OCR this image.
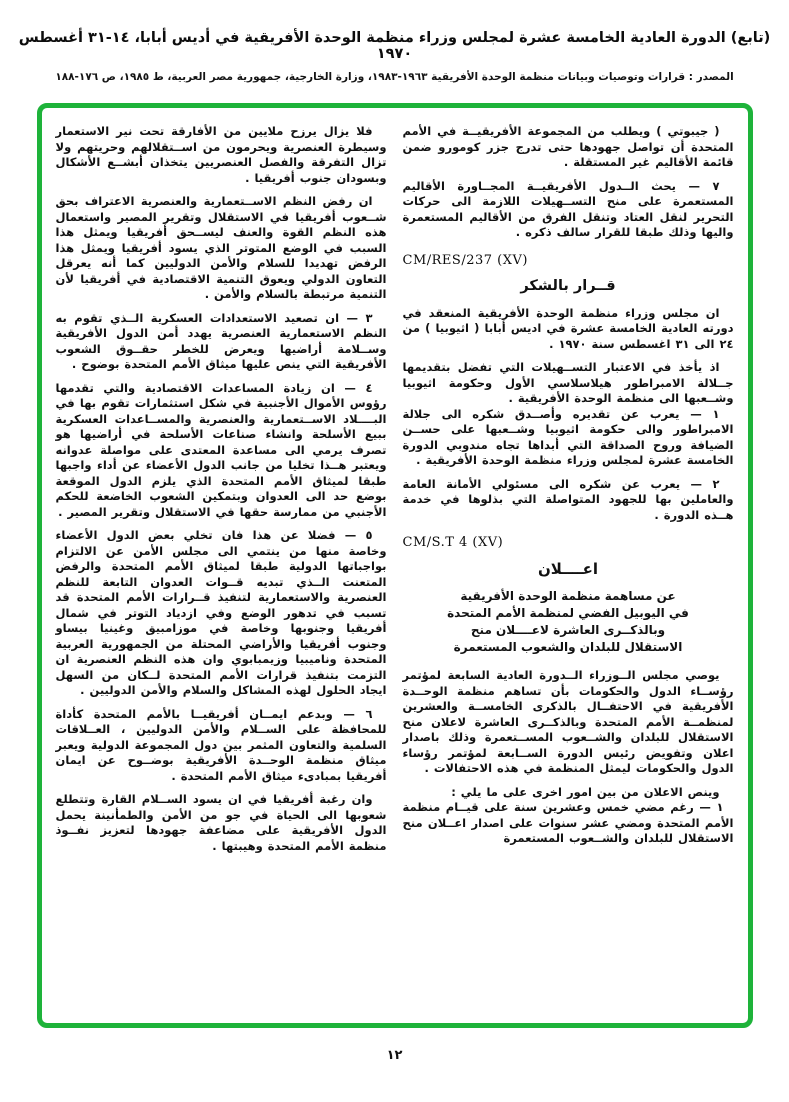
(تابع) الدورة العادية الخامسة عشرة لمجلس وزراء منظمة الوحدة الأفريقية في أديس أبابا، ١٤-٣١ أغسطس ١٩٧٠
المصدر : قرارات وتوصيات وبيانات منظمة الوحدة الأفريقية ١٩٦٣-١٩٨٣، وزارة الخارجية، جمهورية مصر العربية، ط ١٩٨٥، ص ١٧٦-١٨٨
( جيبوتي ) ويطلب من المجموعة الأفريقيــة في الأمم المتحدة أن تواصل جهودها حتى تدرج جزر كومورو ضمن قائمة الأقاليم غير المستقلة .
٧ — يحث الــدول الأفريقيــة المجــاورة الأقاليم المستعمرة على منح التســهيلات اللازمة الى حركات التحرير لنقل العتاد وتنقل الفرق من الأقاليم المستعمرة واليها وذلك طبقا للقرار سالف ذكره .
CM/RES/237 (XV)
قــرار بالشكر
ان مجلس وزراء منظمة الوحدة الأفريقية المنعقد في دورته العادية الخامسة عشرة في اديس أبابا ( اثيوبيا ) من ٢٤ الى ٣١ اغسطس سنة ١٩٧٠ .
اذ يأخذ في الاعتبار التســهيلات التي تفضل بتقديمها جــلالة الامبراطور هيلاسلاسي الأول وحكومة اثيوبيا وشــعبها الى منظمة الوحدة الأفريقية .
١ — يعرب عن تقديره وأصــدق شكره الى جلالة الامبراطور والى حكومة اثيوبيا وشــعبها على حســن الضيافة وروح الصداقة التي أبداها تجاه مندوبي الدورة الخامسة عشرة لمجلس وزراء منظمة الوحدة الأفريقية .
٢ — يعرب عن شكره الى مسئولي الأمانة العامة والعاملين بها للجهود المتواصلة التي بذلوها في خدمة هــذه الدورة .
CM/S.T 4 (XV)
اعــــلان
عن مساهمة منظمة الوحدة الأفريقية
في اليوبيل الفضي لمنظمة الأمم المتحدة
وبالذكــرى العاشرة لاعــــلان منح
الاستقلال للبلدان والشعوب المستعمرة
يوصي مجلس الــوزراء الــدورة العادية السابعة لمؤتمر رؤســاء الدول والحكومات بأن تساهم منظمة الوحــدة الأفريقية في الاحتفــال بالذكرى الخامســة والعشرين لمنظمــة الأمم المتحدة وبالذكــرى العاشرة لاعلان منح الاستقلال للبلدان والشــعوب المســتعمرة وذلك باصدار اعلان وتفويض رئيس الدورة الســابعة لمؤتمر رؤساء الدول والحكومات ليمثل المنظمة في هذه الاحتفالات .
وينص الاعلان من بين امور اخرى على ما يلي :
١ — رغم مضي خمس وعشرين سنة على قيــام منظمة الأمم المتحدة ومضي عشر سنوات على اصدار اعــلان منح الاستقلال للبلدان والشــعوب المستعمرة
فلا يزال يرزح ملايين من الأفارقة تحت نير الاستعمار وسيطرة العنصرية ويحرمون من اســتقلالهم وحريتهم ولا تزال التفرقة والفصل العنصريين يتخذان أبشــع الأشكال وبسودان جنوب أفريقيا .
ان رفض النظم الاســتعمارية والعنصرية الاعتراف بحق شــعوب أفريقيا في الاستقلال وتقرير المصير واستعمال هذه النظم القوة والعنف ليســحق أفريقيا ويمثل هذا السبب في الوضع المتوتر الذي يسود أفريقيا ويمثل هذا الرفض تهديدا للسلام والأمن الدوليين كما أنه يعرقل التعاون الدولي ويعوق التنمية الاقتصادية في أفريقيا لأن التنمية مرتبطة بالسلام والأمن .
٣ — ان تصعيد الاستعدادات العسكرية الــذي تقوم به النظم الاستعمارية العنصرية يهدد أمن الدول الأفريقية وســلامة أراضيها ويعرض للخطر حقــوق الشعوب الأفريقية التي ينص عليها ميثاق الأمم المتحدة بوضوح .
٤ — ان زيادة المساعدات الاقتصادية والتي تقدمها رؤوس الأموال الأجنبية في شكل استثمارات تقوم بها في البــــلاد الاســتعمارية والعنصرية والمســاعدات العسكرية ببيع الأسلحة وانشاء صناعات الأسلحة في أراضيها هو تصرف يرمي الى مساعدة المعتدى على مواصلة عدوانه ويعتبر هــذا تخليا من جانب الدول الأعضاء عن أداء واجبها طبقا لميثاق الأمم المتحدة الذي يلزم الدول الموقعة بوضع حد الى العدوان وبتمكين الشعوب الخاضعة للحكم الأجنبي من ممارسة حقها في الاستقلال وتقرير المصير .
٥ — فضلا عن هذا فان تخلي بعض الدول الأعضاء وخاصة منها من ينتمي الى مجلس الأمن عن الالتزام بواجباتها الدولية طبقا لميثاق الأمم المتحدة والرفض المتعنت الــذي تبديه قــوات العدوان التابعة للنظم العنصرية والاستعمارية لتنفيذ قــرارات الأمم المتحدة قد تسبب في تدهور الوضع وفي ازدياد التوتر في شمال أفريقيا وجنوبها وخاصة في موزامبيق وغينيا بيساو وجنوب أفريقيا والأراضي المحتلة من الجمهورية العربية المتحدة وناميبيا وزيمبابوي وان هذه النظم العنصرية ان التزمت بتنفيذ قرارات الأمم المتحدة لــكان من السهل ايجاد الحلول لهذه المشاكل والسلام والأمن الدوليين .
٦ — وبدعم ايمــان أفريقيــا بالأمم المتحدة كأداة للمحافظة على الســلام والأمن الدوليين ، العــلاقات السلمية والتعاون المثمر بين دول المجموعة الدولية ويعبر ميثاق منظمة الوحــدة الأفريقية بوضــوح عن ايمان أفريقيا بمبادىء ميثاق الأمم المتحدة .
وان رغبة أفريقيا في ان يسود الســلام القارة وتتطلع شعوبها الى الحياة في جو من الأمن والطمأنينة يحمل الدول الأفريقية على مضاعفة جهودها لتعزيز نفــوذ منظمة الأمم المتحدة وهيبتها .
١٢
